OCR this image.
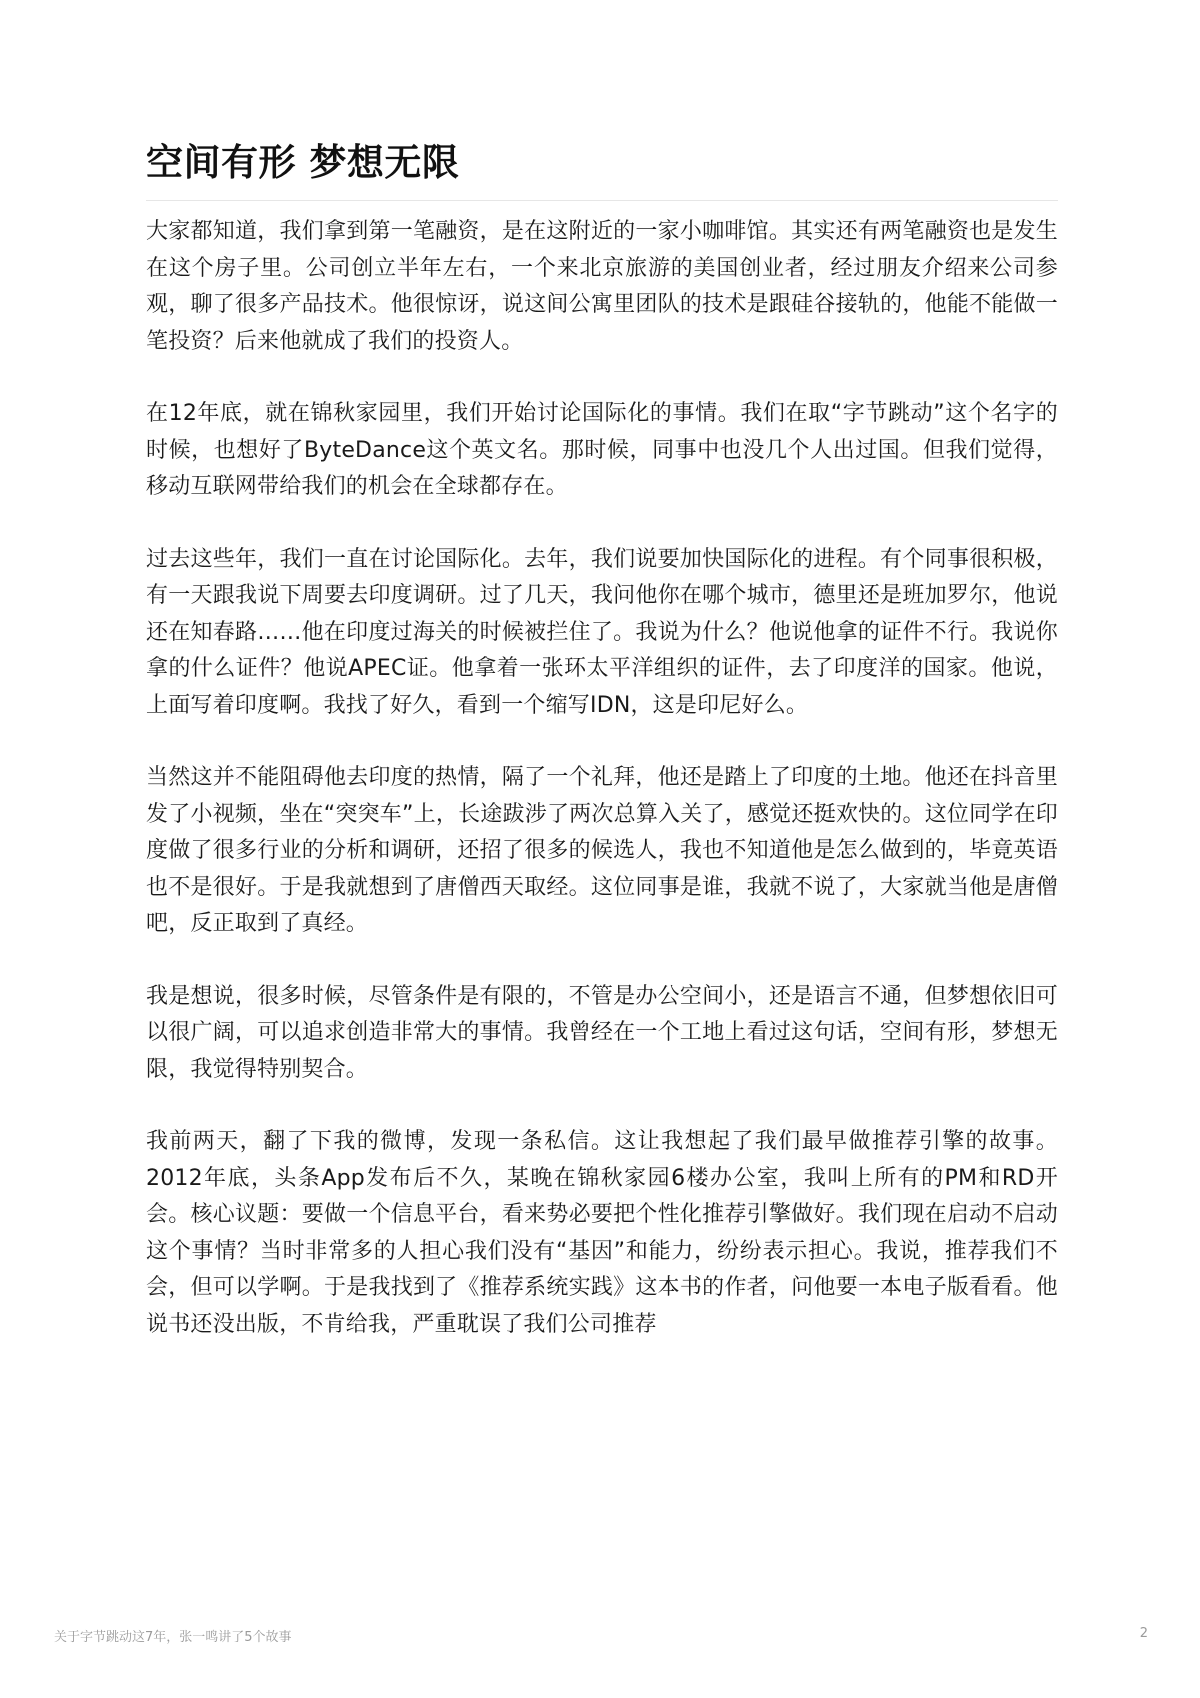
空间有形 梦想无限

大家都知道，我们拿到第一笔融资，是在这附近的一家小咖啡馆。其实还有两笔融资也是发生在这个房子里。公司创立半年左右，一个来北京旅游的美国创业者，经过朋友介绍来公司参观，聊了很多产品技术。他很惊讶，说这间公寓里团队的技术是跟硅谷接轨的，他能不能做一笔投资？后来他就成了我们的投资人。

在12年底，就在锦秋家园里，我们开始讨论国际化的事情。我们在取“字节跳动”这个名字的时候，也想好了ByteDance这个英文名。那时候，同事中也没几个人出过国。但我们觉得，移动互联网带给我们的机会在全球都存在。

过去这些年，我们一直在讨论国际化。去年，我们说要加快国际化的进程。有个同事很积极，有一天跟我说下周要去印度调研。过了几天，我问他你在哪个城市，德里还是班加罗尔，他说还在知春路……他在印度过海关的时候被拦住了。我说为什么？他说他拿的证件不行。我说你拿的什么证件？他说APEC证。他拿着一张环太平洋组织的证件，去了印度洋的国家。他说，上面写着印度啊。我找了好久，看到一个缩写IDN，这是印尼好么。

当然这并不能阻碍他去印度的热情，隔了一个礼拜，他还是踏上了印度的土地。他还在抖音里发了小视频，坐在“突突车”上，长途跋涉了两次总算入关了，感觉还挺欢快的。这位同学在印度做了很多行业的分析和调研，还招了很多的候选人，我也不知道他是怎么做到的，毕竟英语也不是很好。于是我就想到了唐僧西天取经。这位同事是谁，我就不说了，大家就当他是唐僧吧，反正取到了真经。

我是想说，很多时候，尽管条件是有限的，不管是办公空间小，还是语言不通，但梦想依旧可以很广阔，可以追求创造非常大的事情。我曾经在一个工地上看过这句话，空间有形，梦想无限，我觉得特别契合。

我前两天，翻了下我的微博，发现一条私信。这让我想起了我们最早做推荐引擎的故事。2012年底，头条App发布后不久，某晚在锦秋家园6楼办公室，我叫上所有的PM和RD开会。核心议题：要做一个信息平台，看来势必要把个性化推荐引擎做好。我们现在启动不启动这个事情？当时非常多的人担心我们没有“基因”和能力，纷纷表示担心。我说，推荐我们不会，但可以学啊。于是我找到了《推荐系统实践》这本书的作者，问他要一本电子版看看。他说书还没出版，不肯给我，严重耽误了我们公司推荐

关于字节跳动这7年，张一鸣讲了5个故事	2
